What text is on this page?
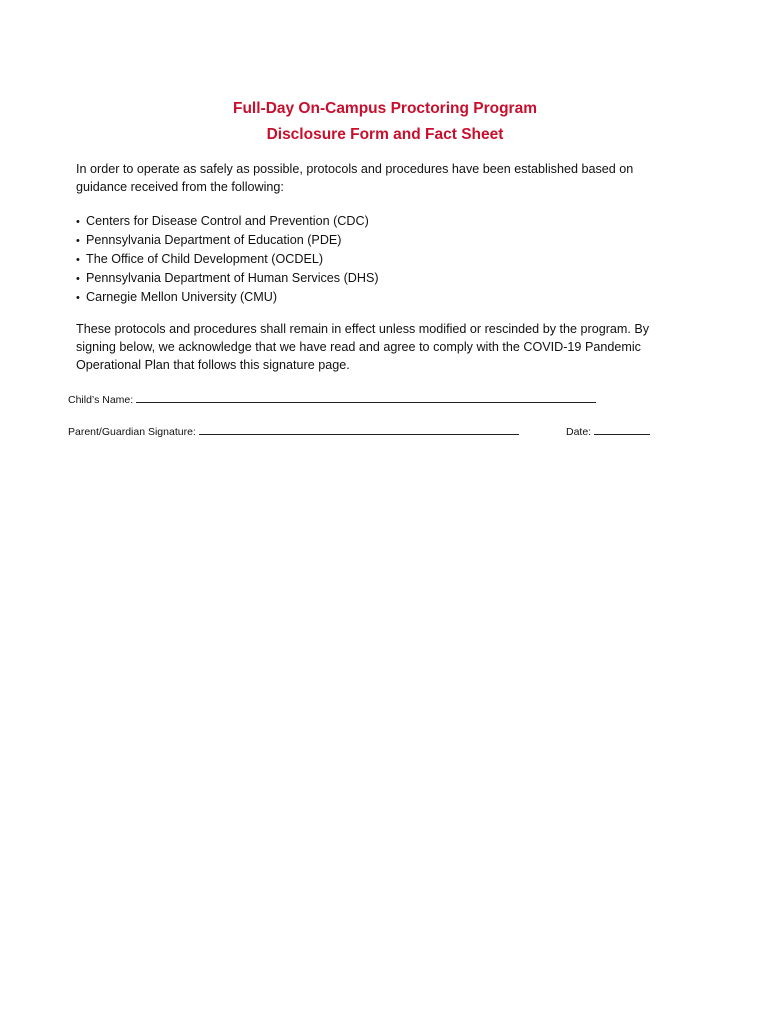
Full-Day On-Campus Proctoring Program
Disclosure Form and Fact Sheet

In order to operate as safely as possible, protocols and procedures have been established based on guidance received from the following:

• Centers for Disease Control and Prevention (CDC)
• Pennsylvania Department of Education (PDE)
• The Office of Child Development (OCDEL)
• Pennsylvania Department of Human Services (DHS)
• Carnegie Mellon University (CMU)

These protocols and procedures shall remain in effect unless modified or rescinded by the program. By signing below, we acknowledge that we have read and agree to comply with the COVID-19 Pandemic Operational Plan that follows this signature page.

Child’s Name:
Parent/Guardian Signature:	Date:
